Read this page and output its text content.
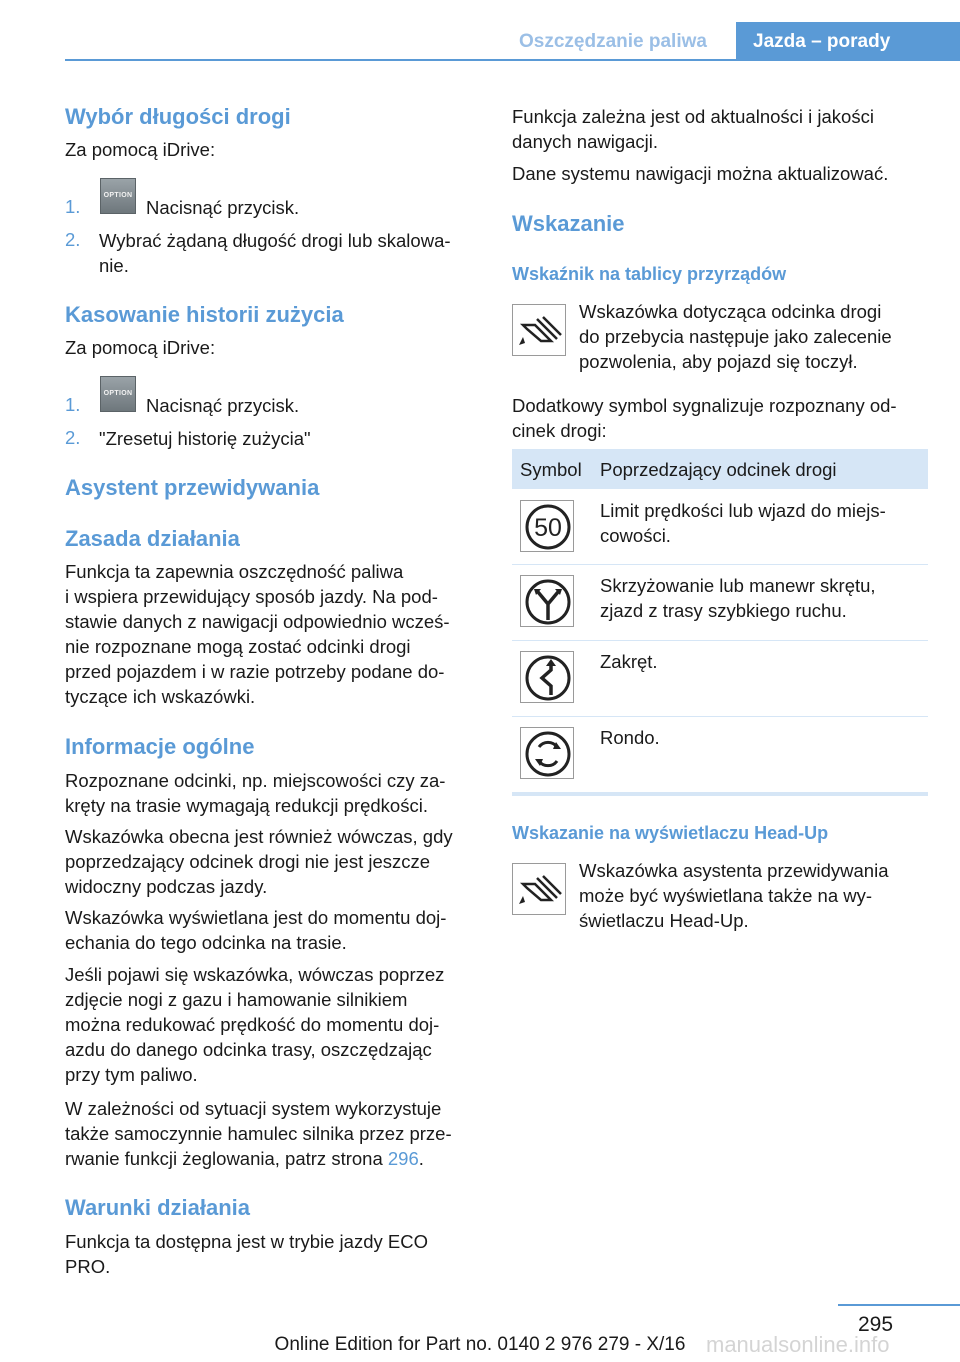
Oszczędzanie paliwa Jazda – porady
Wybór długości drogi
Za pomocą iDrive:
1.
OPTION
Nacisnąć przycisk.
2. Wybrać żądaną długość drogi lub skalowa‐
nie.
Kasowanie historii zużycia
Za pomocą iDrive:
1.
OPTION
Nacisnąć przycisk.
2. "Zresetuj historię zużycia"
Asystent przewidywania
Zasada działania
Funkcja ta zapewnia oszczędność paliwa
i wspiera przewidujący sposób jazdy. Na pod‐
stawie danych z nawigacji odpowiednio wcześ‐
nie rozpoznane mogą zostać odcinki drogi
przed pojazdem i w razie potrzeby podane do‐
tyczące ich wskazówki.
Informacje ogólne
Rozpoznane odcinki, np. miejscowości czy za‐
kręty na trasie wymagają redukcji prędkości.
Wskazówka obecna jest również wówczas, gdy
poprzedzający odcinek drogi nie jest jeszcze
widoczny podczas jazdy.
Wskazówka wyświetlana jest do momentu doj‐
echania do tego odcinka na trasie.
Jeśli pojawi się wskazówka, wówczas poprzez
zdjęcie nogi z gazu i hamowanie silnikiem
można redukować prędkość do momentu doj‐
azdu do danego odcinka trasy, oszczędzając
przy tym paliwo.
W zależności od sytuacji system wykorzystuje
także samoczynnie hamulec silnika przez prze‐
rwanie funkcji żeglowania, patrz strona 296.
Warunki działania
Funkcja ta dostępna jest w trybie jazdy ECO
PRO.
Funkcja zależna jest od aktualności i jakości
danych nawigacji.
Dane systemu nawigacji można aktualizować.
Wskazanie
Wskaźnik na tablicy przyrządów
Wskazówka dotycząca odcinka drogi
do przebycia następuje jako zalecenie
pozwolenia, aby pojazd się toczył.
Dodatkowy symbol sygnalizuje rozpoznany od‐
cinek drogi:
Symbol Poprzedzający odcinek drogi
50
Limit prędkości lub wjazd do miejs‐
cowości.
Skrzyżowanie lub manewr skrętu,
zjazd z trasy szybkiego ruchu.
Zakręt.
Rondo.
Wskazanie na wyświetlaczu Head-Up
Wskazówka asystenta przewidywania
może być wyświetlana także na wy‐
świetlaczu Head-Up.
295
Online Edition for Part no. 0140 2 976 279 - X/16 manualsonline.info
